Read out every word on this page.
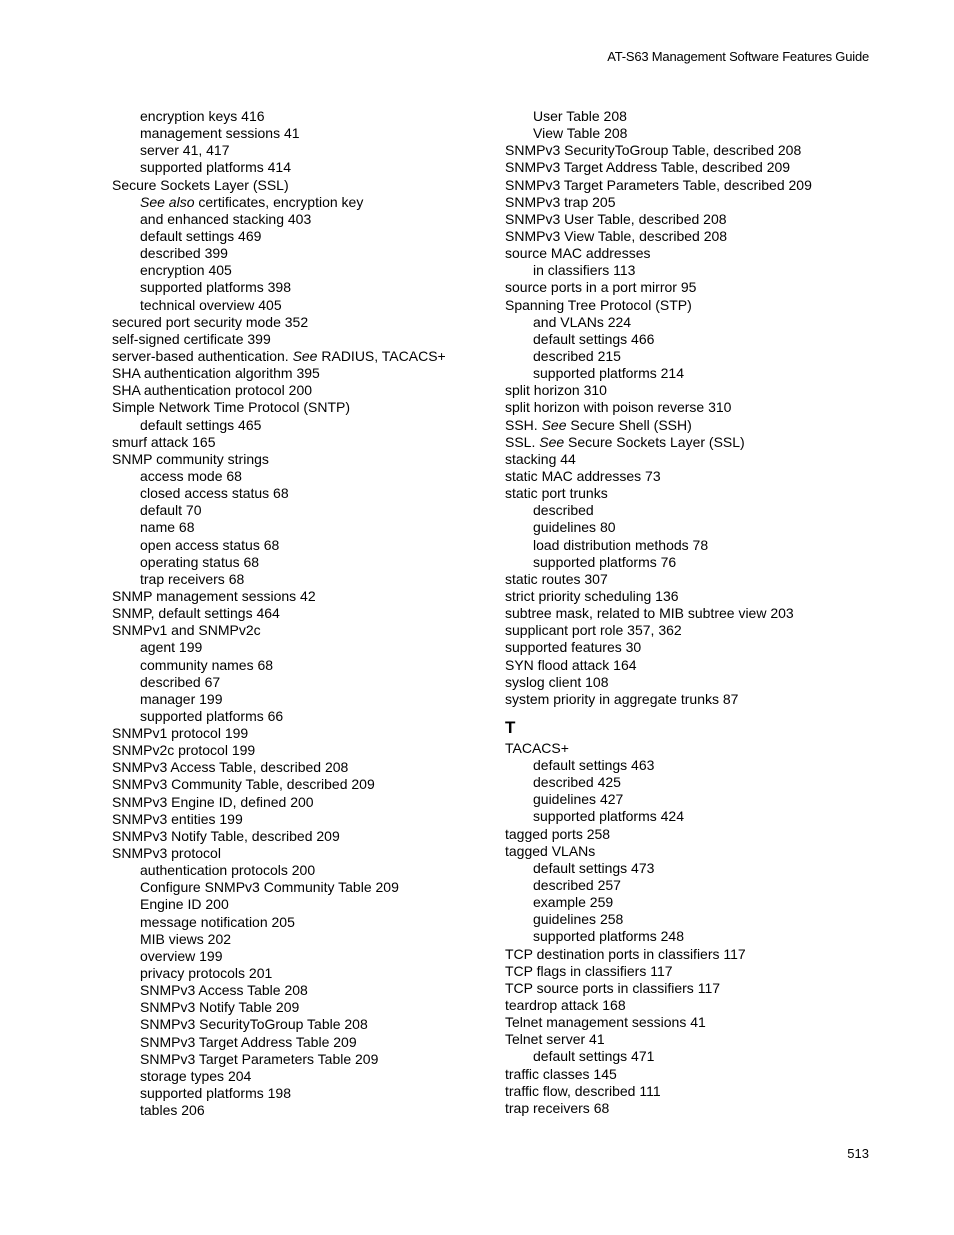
AT-S63 Management Software Features Guide
encryption keys 416
management sessions 41
server 41, 417
supported platforms 414
Secure Sockets Layer (SSL)
See also certificates, encryption key
and enhanced stacking 403
default settings 469
described 399
encryption 405
supported platforms 398
technical overview 405
secured port security mode 352
self-signed certificate 399
server-based authentication. See RADIUS, TACACS+
SHA authentication algorithm 395
SHA authentication protocol 200
Simple Network Time Protocol (SNTP)
default settings 465
smurf attack 165
SNMP community strings
access mode 68
closed access status 68
default 70
name 68
open access status 68
operating status 68
trap receivers 68
SNMP management sessions 42
SNMP, default settings 464
SNMPv1 and SNMPv2c
agent 199
community names 68
described 67
manager 199
supported platforms 66
SNMPv1 protocol 199
SNMPv2c protocol 199
SNMPv3 Access Table, described 208
SNMPv3 Community Table, described 209
SNMPv3 Engine ID, defined 200
SNMPv3 entities 199
SNMPv3 Notify Table, described 209
SNMPv3 protocol
authentication protocols 200
Configure SNMPv3 Community Table 209
Engine ID 200
message notification 205
MIB views 202
overview 199
privacy protocols 201
SNMPv3 Access Table 208
SNMPv3 Notify Table 209
SNMPv3 SecurityToGroup Table 208
SNMPv3 Target Address Table 209
SNMPv3 Target Parameters Table 209
storage types 204
supported platforms 198
tables 206
User Table 208
View Table 208
SNMPv3 SecurityToGroup Table, described 208
SNMPv3 Target Address Table, described 209
SNMPv3 Target Parameters Table, described 209
SNMPv3 trap 205
SNMPv3 User Table, described 208
SNMPv3 View Table, described 208
source MAC addresses
in classifiers 113
source ports in a port mirror 95
Spanning Tree Protocol (STP)
and VLANs 224
default settings 466
described 215
supported platforms 214
split horizon 310
split horizon with poison reverse 310
SSH. See Secure Shell (SSH)
SSL. See Secure Sockets Layer (SSL)
stacking 44
static MAC addresses 73
static port trunks
described
guidelines 80
load distribution methods 78
supported platforms 76
static routes 307
strict priority scheduling 136
subtree mask, related to MIB subtree view 203
supplicant port role 357, 362
supported features 30
SYN flood attack 164
syslog client 108
system priority in aggregate trunks 87
T
TACACS+
default settings 463
described 425
guidelines 427
supported platforms 424
tagged ports 258
tagged VLANs
default settings 473
described 257
example 259
guidelines 258
supported platforms 248
TCP destination ports in classifiers 117
TCP flags in classifiers 117
TCP source ports in classifiers 117
teardrop attack 168
Telnet management sessions 41
Telnet server 41
default settings 471
traffic classes 145
traffic flow, described 111
trap receivers 68
513
